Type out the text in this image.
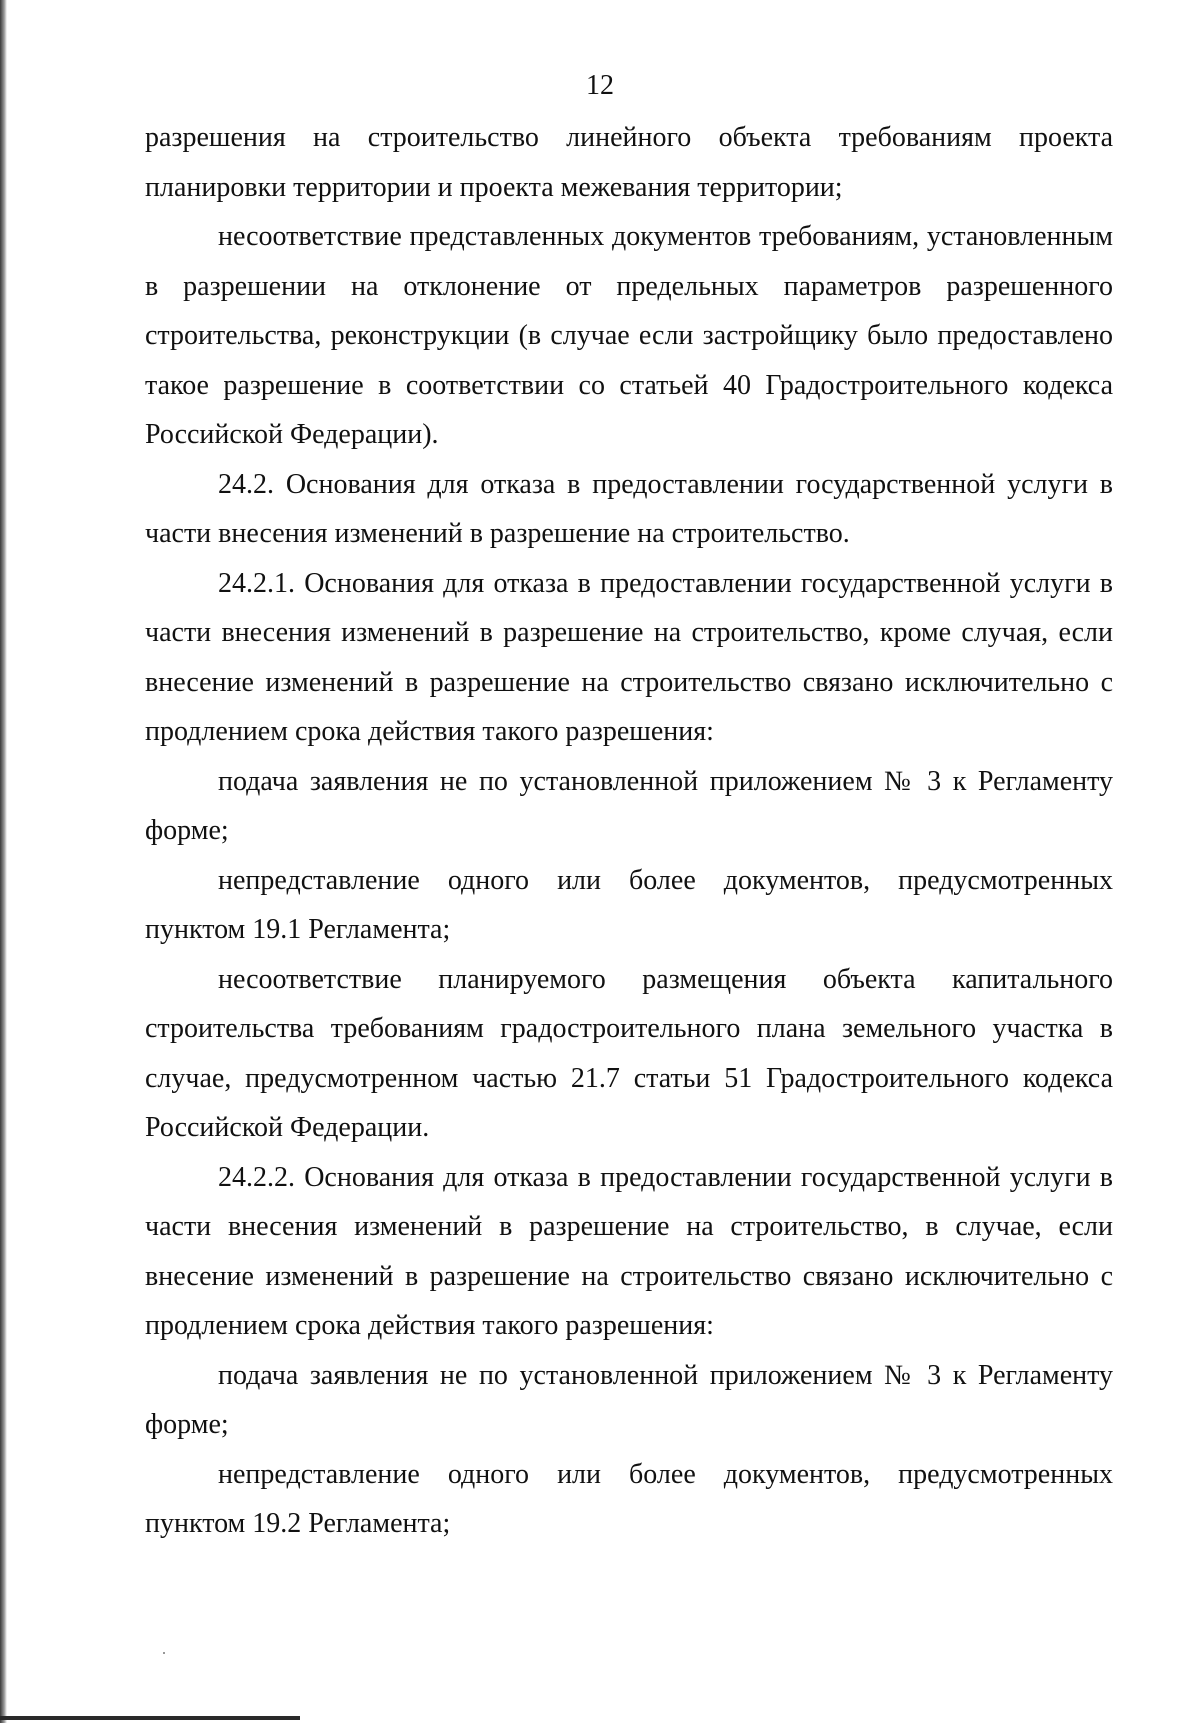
12

разрешения на строительство линейного объекта требованиям проекта планировки территории и проекта межевания территории;

несоответствие представленных документов требованиям, установленным в разрешении на отклонение от предельных параметров разрешенного строительства, реконструкции (в случае если застройщику было предоставлено такое разрешение в соответствии со статьей 40 Градостроительного кодекса Российской Федерации).

24.2. Основания для отказа в предоставлении государственной услуги в части внесения изменений в разрешение на строительство.

24.2.1. Основания для отказа в предоставлении государственной услуги в части внесения изменений в разрешение на строительство, кроме случая, если внесение изменений в разрешение на строительство связано исключительно с продлением срока действия такого разрешения:

подача заявления не по установленной приложением № 3 к Регламенту форме;

непредставление одного или более документов, предусмотренных пунктом 19.1 Регламента;

несоответствие планируемого размещения объекта капитального строительства требованиям градостроительного плана земельного участка в случае, предусмотренном частью 21.7 статьи 51 Градостроительного кодекса Российской Федерации.

24.2.2. Основания для отказа в предоставлении государственной услуги в части внесения изменений в разрешение на строительство, в случае, если внесение изменений в разрешение на строительство связано исключительно с продлением срока действия такого разрешения:

подача заявления не по установленной приложением № 3 к Регламенту форме;

непредставление одного или более документов, предусмотренных пунктом 19.2 Регламента;
